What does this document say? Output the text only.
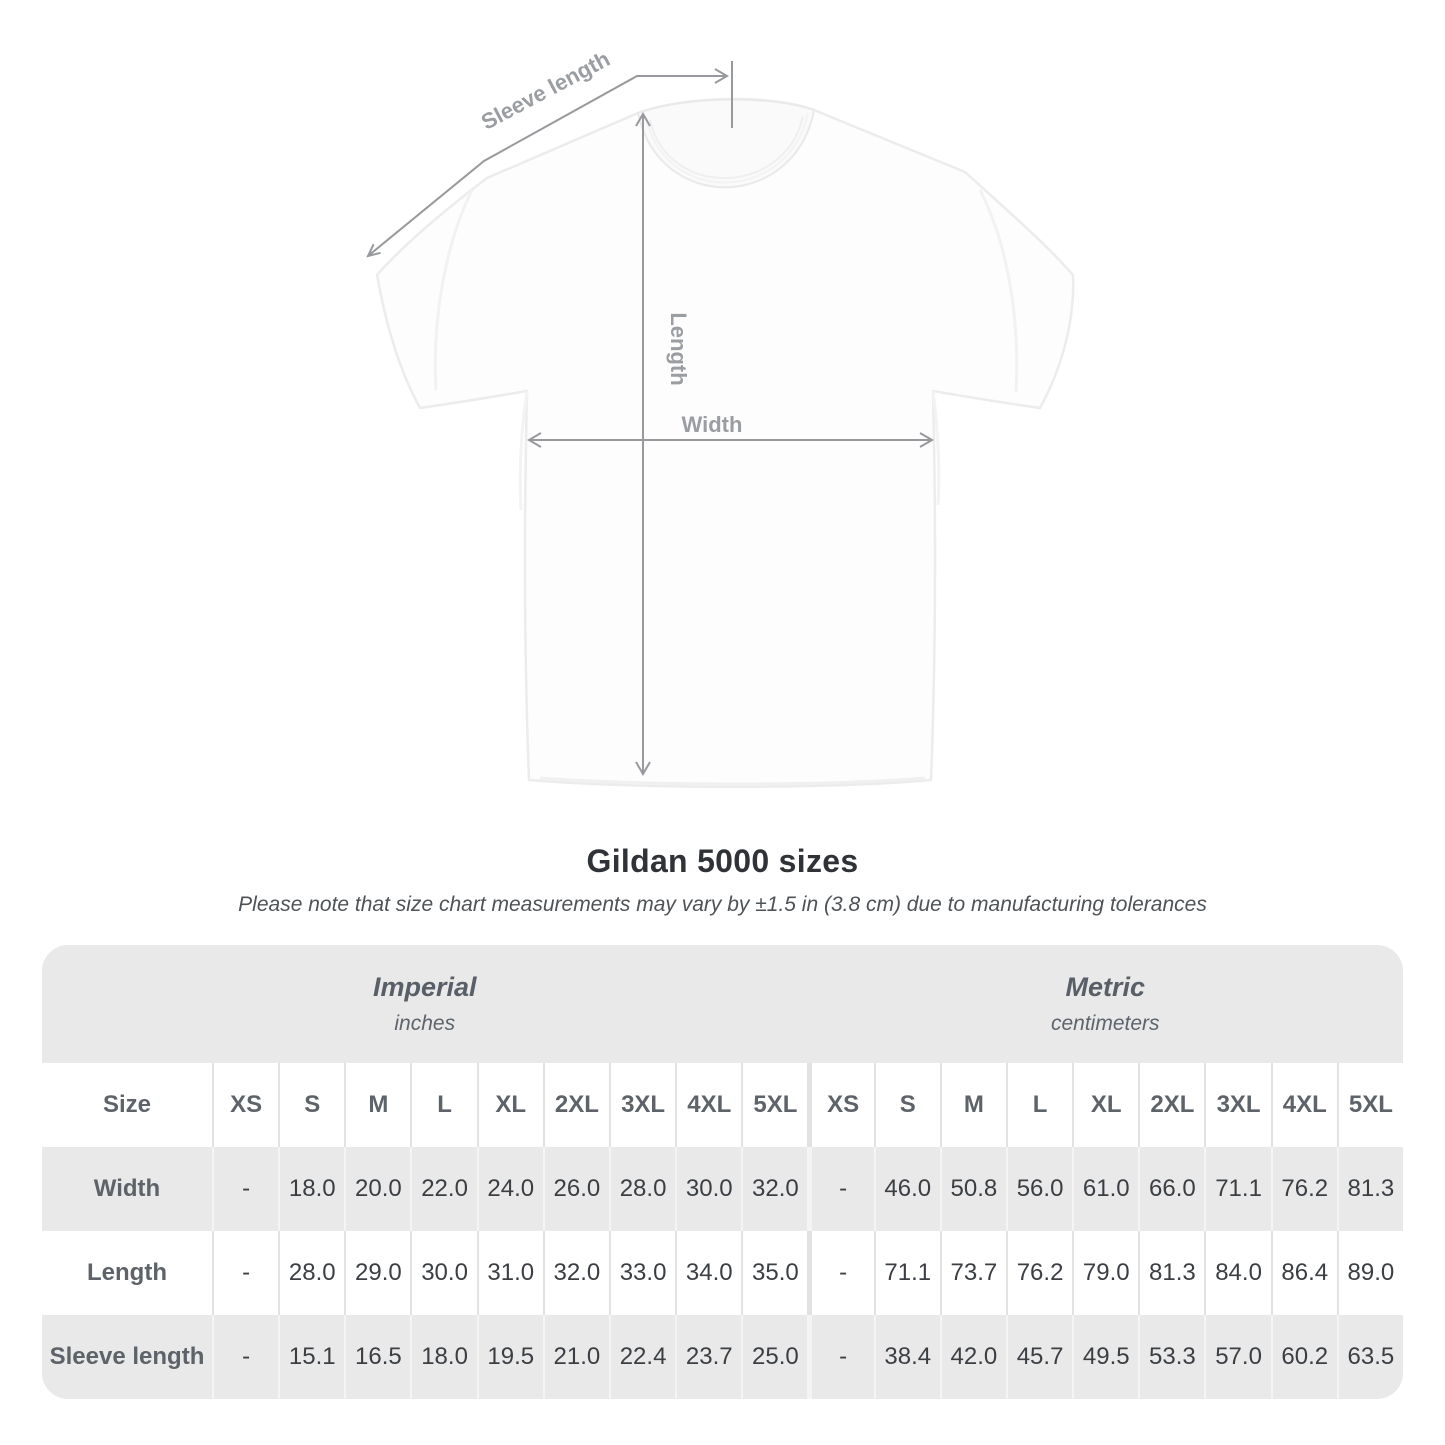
Sleeve length
Length
Width
Gildan 5000 sizes

Please note that size chart measurements may vary by ±1.5 in (3.8 cm) due to manufacturing tolerances

Imperial
inches
Metric
centimeters
Size	XS	S	M	L	XL	2XL 3XL 4XL 5XL	XS	S	M	L	XL	2XL 3XL 4XL 5XL
Width	-	18.0 20.0 22.0 24.0 26.0 28.0 30.0 32.0	-	46.0 50.8 56.0 61.0 66.0 71.1 76.2 81.3
Length	-	28.0 29.0 30.0 31.0 32.0 33.0 34.0 35.0	-	71.1 73.7 76.2 79.0 81.3 84.0 86.4 89.0
Sleeve length	-	15.1 16.5 18.0 19.5 21.0 22.4 23.7 25.0	-	38.4 42.0 45.7 49.5 53.3 57.0 60.2 63.5
